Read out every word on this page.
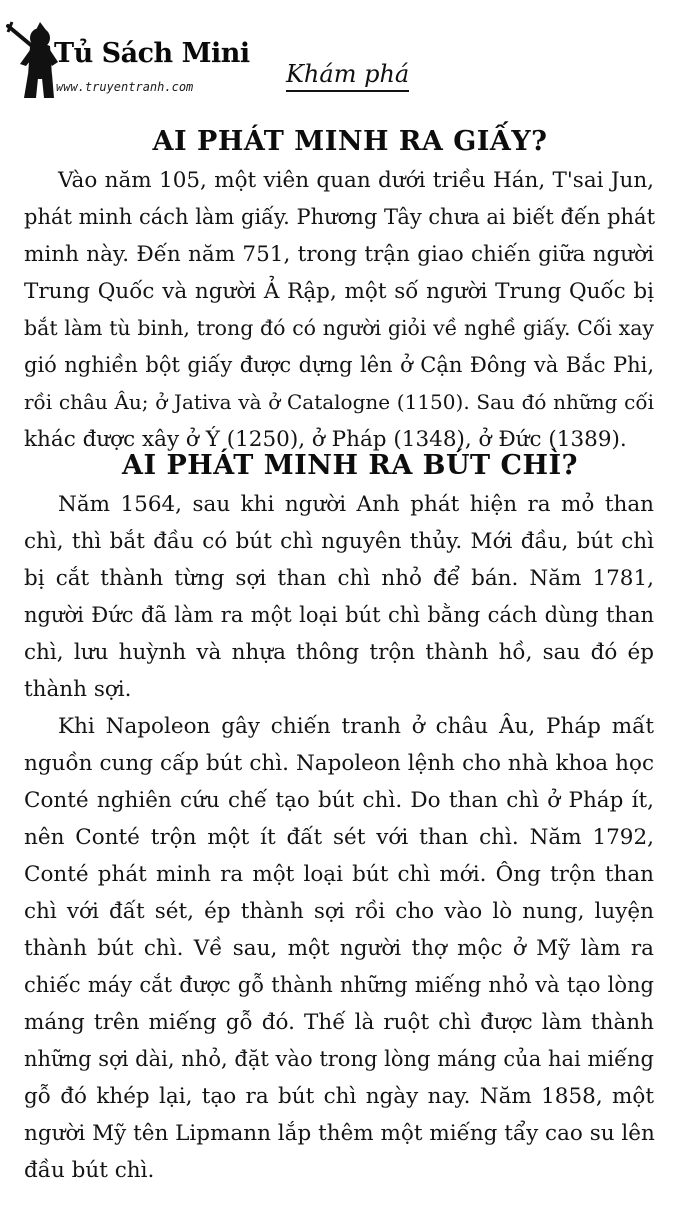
Tủ Sách Mini
www.truyentranh.com	Khám phá
AI PHÁT MINH RA GIẤY?
Vào năm 105, một viên quan dưới triều Hán, T'sai Jun,
phát minh cách làm giấy. Phương Tây chưa ai biết đến phát
minh này. Đến năm 751, trong trận giao chiến giữa người
Trung Quốc và người Ả Rập, một số người Trung Quốc bị
bắt làm tù binh, trong đó có người giỏi về nghề giấy. Cối xay
gió nghiền bột giấy được dựng lên ở Cận Đông và Bắc Phi,
rồi châu Âu; ở Jativa và ở Catalogne (1150). Sau đó những cối
khác được xây ở Ý (1250), ở Pháp (1348), ở Đức (1389).
AI PHÁT MINH RA BÚT CHÌ?
Năm 1564, sau khi người Anh phát hiện ra mỏ than
chì, thì bắt đầu có bút chì nguyên thủy. Mới đầu, bút chì
bị cắt thành từng sợi than chì nhỏ để bán. Năm 1781,
người Đức đã làm ra một loại bút chì bằng cách dùng than
chì, lưu huỳnh và nhựa thông trộn thành hồ, sau đó ép
thành sợi.
Khi Napoleon gây chiến tranh ở châu Âu, Pháp mất
nguồn cung cấp bút chì. Napoleon lệnh cho nhà khoa học
Conté nghiên cứu chế tạo bút chì. Do than chì ở Pháp ít,
nên Conté trộn một ít đất sét với than chì. Năm 1792,
Conté phát minh ra một loại bút chì mới. Ông trộn than
chì với đất sét, ép thành sợi rồi cho vào lò nung, luyện
thành bút chì. Về sau, một người thợ mộc ở Mỹ làm ra
chiếc máy cắt được gỗ thành những miếng nhỏ và tạo lòng
máng trên miếng gỗ đó. Thế là ruột chì được làm thành
những sợi dài, nhỏ, đặt vào trong lòng máng của hai miếng
gỗ đó khép lại, tạo ra bút chì ngày nay. Năm 1858, một
người Mỹ tên Lipmann lắp thêm một miếng tẩy cao su lên
đầu bút chì.
